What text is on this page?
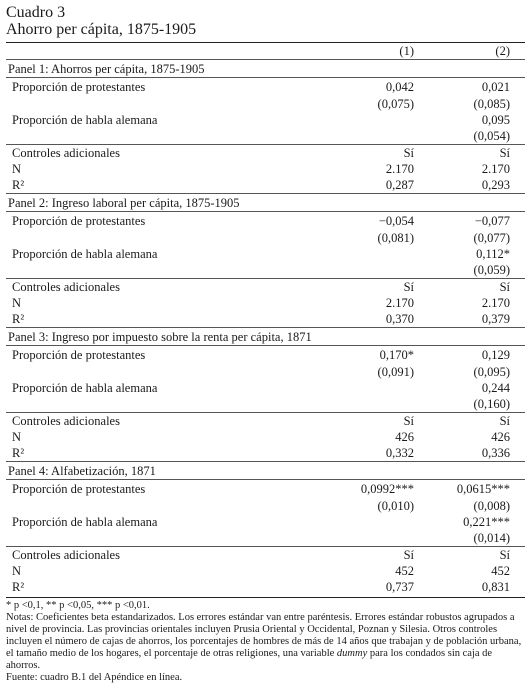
Cuadro 3

Ahorro per cápita, 1875-1905

	(1)	(2)
Panel 1: Ahorros per cápita, 1875-1905		
Proporción de protestantes	0,042	0,021
	(0,075)	(0,085)
Proporción de habla alemana		0,095
		(0,054)
Controles adicionales	Sí	Sí
N	2.170	2.170
R²	0,287	0,293
Panel 2: Ingreso laboral per cápita, 1875-1905		
Proporción de protestantes	−0,054	−0,077
	(0,081)	(0,077)
Proporción de habla alemana		0,112*
		(0,059)
Controles adicionales	Sí	Sí
N	2.170	2.170
R²	0,370	0,379
Panel 3: Ingreso por impuesto sobre la renta per cápita, 1871		
Proporción de protestantes	0,170*	0,129
	(0,091)	(0,095)
Proporción de habla alemana		0,244
		(0,160)
Controles adicionales	Sí	Sí
N	426	426
R²	0,332	0,336
Panel 4: Alfabetización, 1871		
Proporción de protestantes	0,0992***	0,0615***
	(0,010)	(0,008)
Proporción de habla alemana		0,221***
		(0,014)
Controles adicionales	Sí	Sí
N	452	452
R²	0,737	0,831

* p <0,1, ** p <0,05, *** p <0,01.

Notas: Coeficientes beta estandarizados. Los errores estándar van entre paréntesis. Errores estándar robustos agrupados a nivel de provincia. Las provincias orientales incluyen Prusia Oriental y Occidental, Poznan y Silesia. Otros controles incluyen el número de cajas de ahorros, los porcentajes de hombres de más de 14 años que trabajan y de población urbana, el tamaño medio de los hogares, el porcentaje de otras religiones, una variable dummy para los condados sin caja de ahorros.

Fuente: cuadro B.1 del Apéndice en línea.
